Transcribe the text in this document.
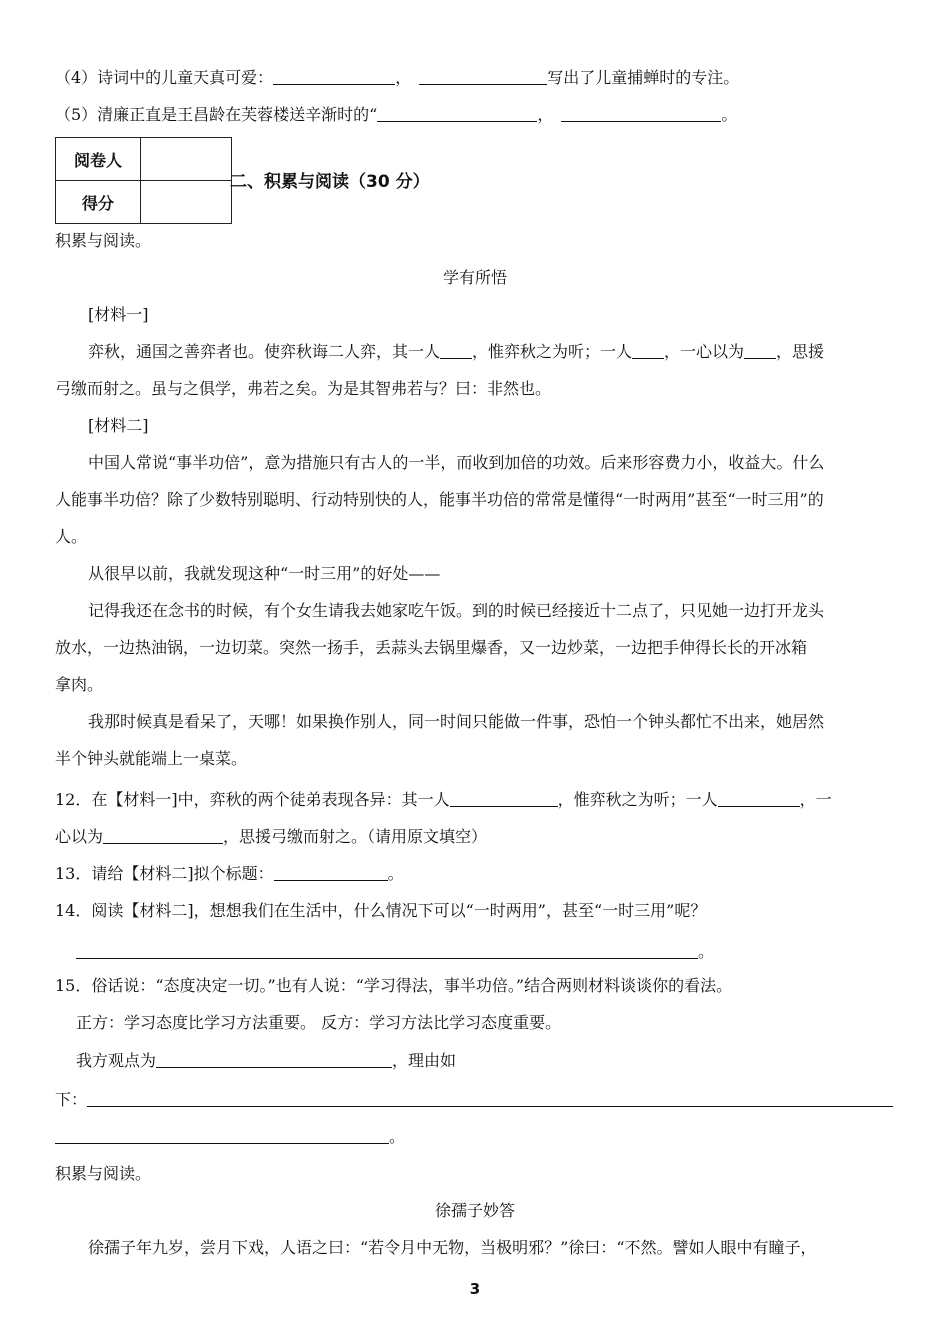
（4）诗词中的儿童天真可爱：	，	写出了儿童捕蝉时的专注。
（5）清廉正直是王昌龄在芙蓉楼送辛渐时的“	，	。
阅卷人	
得分	
二、积累与阅读（30 分）
积累与阅读。
学有所悟
[材料一]
弈秋，通国之善弈者也。使弈秋诲二人弈，其一人 ，惟弈秋之为听；一人 ，一心以为 ，思援
弓缴而射之。虽与之俱学，弗若之矣。为是其智弗若与？曰：非然也。
[材料二]
中国人常说“事半功倍”，意为措施只有古人的一半，而收到加倍的功效。后来形容费力小，收益大。什么
人能事半功倍？除了少数特别聪明、行动特别快的人，能事半功倍的常常是懂得“一时两用”甚至“一时三用”的
人。
从很早以前，我就发现这种“一时三用”的好处——
记得我还在念书的时候，有个女生请我去她家吃午饭。到的时候已经接近十二点了，只见她一边打开龙头
放水，一边热油锅，一边切菜。突然一扬手，丢蒜头去锅里爆香，又一边炒菜，一边把手伸得长长的开冰箱
拿肉。
我那时候真是看呆了，天哪！如果换作别人，同一时间只能做一件事，恐怕一个钟头都忙不出来，她居然
半个钟头就能端上一桌菜。
12．在【材料一]中，弈秋的两个徒弟表现各异：其一人	，惟弈秋之为听；一人	，一
心以为	，思援弓缴而射之。（请用原文填空）
13．请给【材料二]拟个标题：	。
14．阅读【材料二]，想想我们在生活中，什么情况下可以“一时两用”，甚至“一时三用”呢？
。
15．俗话说：“态度决定一切。”也有人说：“学习得法，事半功倍。”结合两则材料谈谈你的看法。
正方：学习态度比学习方法重要。 反方：学习方法比学习态度重要。
我方观点为	，理由如
下：
。
积累与阅读。
徐孺子妙答
徐孺子年九岁，尝月下戏，人语之曰：“若令月中无物，当极明邪？”徐曰：“不然。譬如人眼中有瞳子，
3
